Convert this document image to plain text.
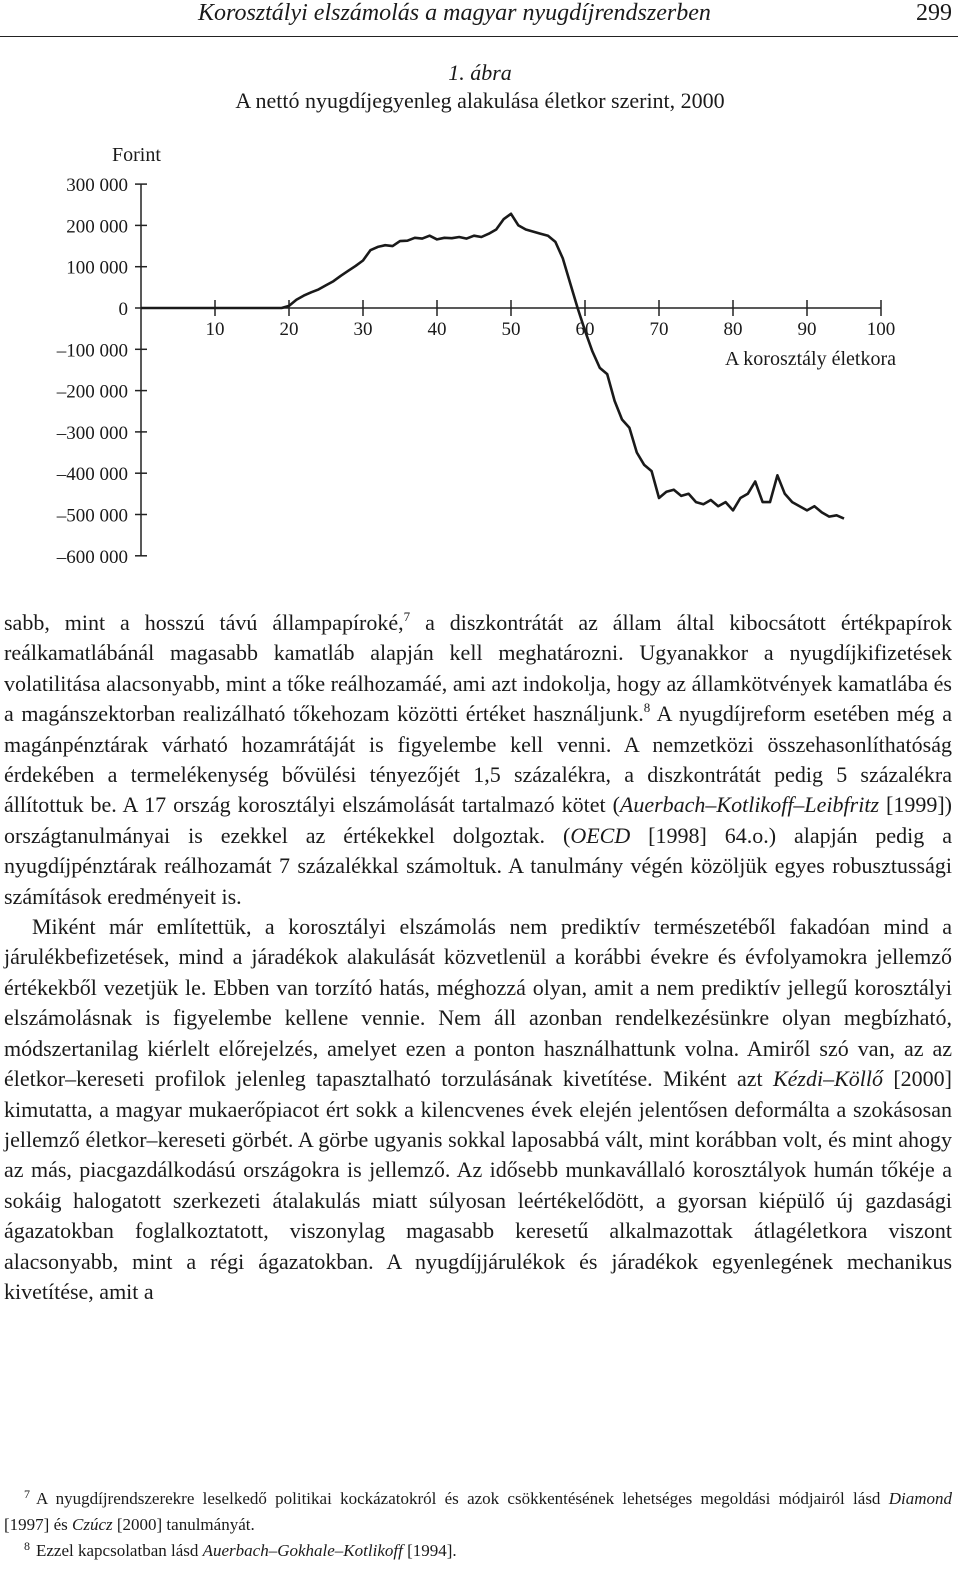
Korosztályi elszámolás a magyar nyugdíjrendszerben	299
1. ábra
A nettó nyugdíjegyenleg alakulása életkor szerint, 2000
Forint
300 000
200 000
100 000
0
–100 000
–200 000
–300 000
–400 000
–500 000
–600 000
10	20	30	40	50	60	70	80	90	100
A korosztály életkora

sabb, mint a hosszú távú állampapíroké,$^7$ a diszkontrátát az állam által kibocsátott értékpapírok reálkamatlábánál magasabb kamatláb alapján kell meghatározni. Ugyanakkor a nyugdíjkifizetések volatilitása alacsonyabb, mint a tőke reálhozamáé, ami azt indokolja, hogy az államkötvények kamatlába és a magánszektorban realizálható tőkehozam közötti értéket használjunk.$^8$ A nyugdíjreform esetében még a magánpénztárak várható hozamrátáját is figyelembe kell venni. A nemzetközi összehasonlíthatóság érdekében a termelékenység bővülési tényezőjét 1,5 százalékra, a diszkontrátát pedig 5 százalékra állítottuk be. A 17 ország korosztályi elszámolását tartalmazó kötet (Auerbach–Kotlikoff–Leibfritz [1999]) országtanulmányai is ezekkel az értékekkel dolgoztak. (OECD [1998] 64.o.) alapján pedig a nyugdíjpénztárak reálhozamát 7 százalékkal számoltuk. A tanulmány végén közöljük egyes robusztussági számítások eredményeit is.

Miként már említettük, a korosztályi elszámolás nem prediktív természetéből fakadóan mind a járulékbefizetések, mind a járadékok alakulását közvetlenül a korábbi évekre és évfolyamokra jellemző értékekből vezetjük le. Ebben van torzító hatás, méghozzá olyan, amit a nem prediktív jellegű korosztályi elszámolásnak is figyelembe kellene vennie. Nem áll azonban rendelkezésünkre olyan megbízható, módszertanilag kiérlelt előrejelzés, amelyet ezen a ponton használhattunk volna. Amiről szó van, az az életkor–kereseti profilok jelenleg tapasztalható torzulásának kivetítése. Miként azt Kézdi–Köllő [2000] kimutatta, a magyar mukaerőpiacot ért sokk a kilencvenes évek elején jelentősen deformálta a szokásosan jellemző életkor–kereseti görbét. A görbe ugyanis sokkal laposabbá vált, mint korábban volt, és mint ahogy az más, piacgazdálkodású országokra is jellemző. Az idősebb munkavállaló korosztályok humán tőkéje a sokáig halogatott szerkezeti átalakulás miatt súlyosan leértékelődött, a gyorsan kiépülő új gazdasági ágazatokban foglalkoztatott, viszonylag magasabb keresetű alkalmazottak átlagéletkora viszont alacsonyabb, mint a régi ágazatokban. A nyugdíjjárulékok és járadékok egyenlegének mechanikus kivetítése, amit a

$^7$ A nyugdíjrendszerekre leselkedő politikai kockázatokról és azok csökkentésének lehetséges megoldási módjairól lásd Diamond [1997] és Czúcz [2000] tanulmányát.

$^8$ Ezzel kapcsolatban lásd Auerbach–Gokhale–Kotlikoff [1994].
